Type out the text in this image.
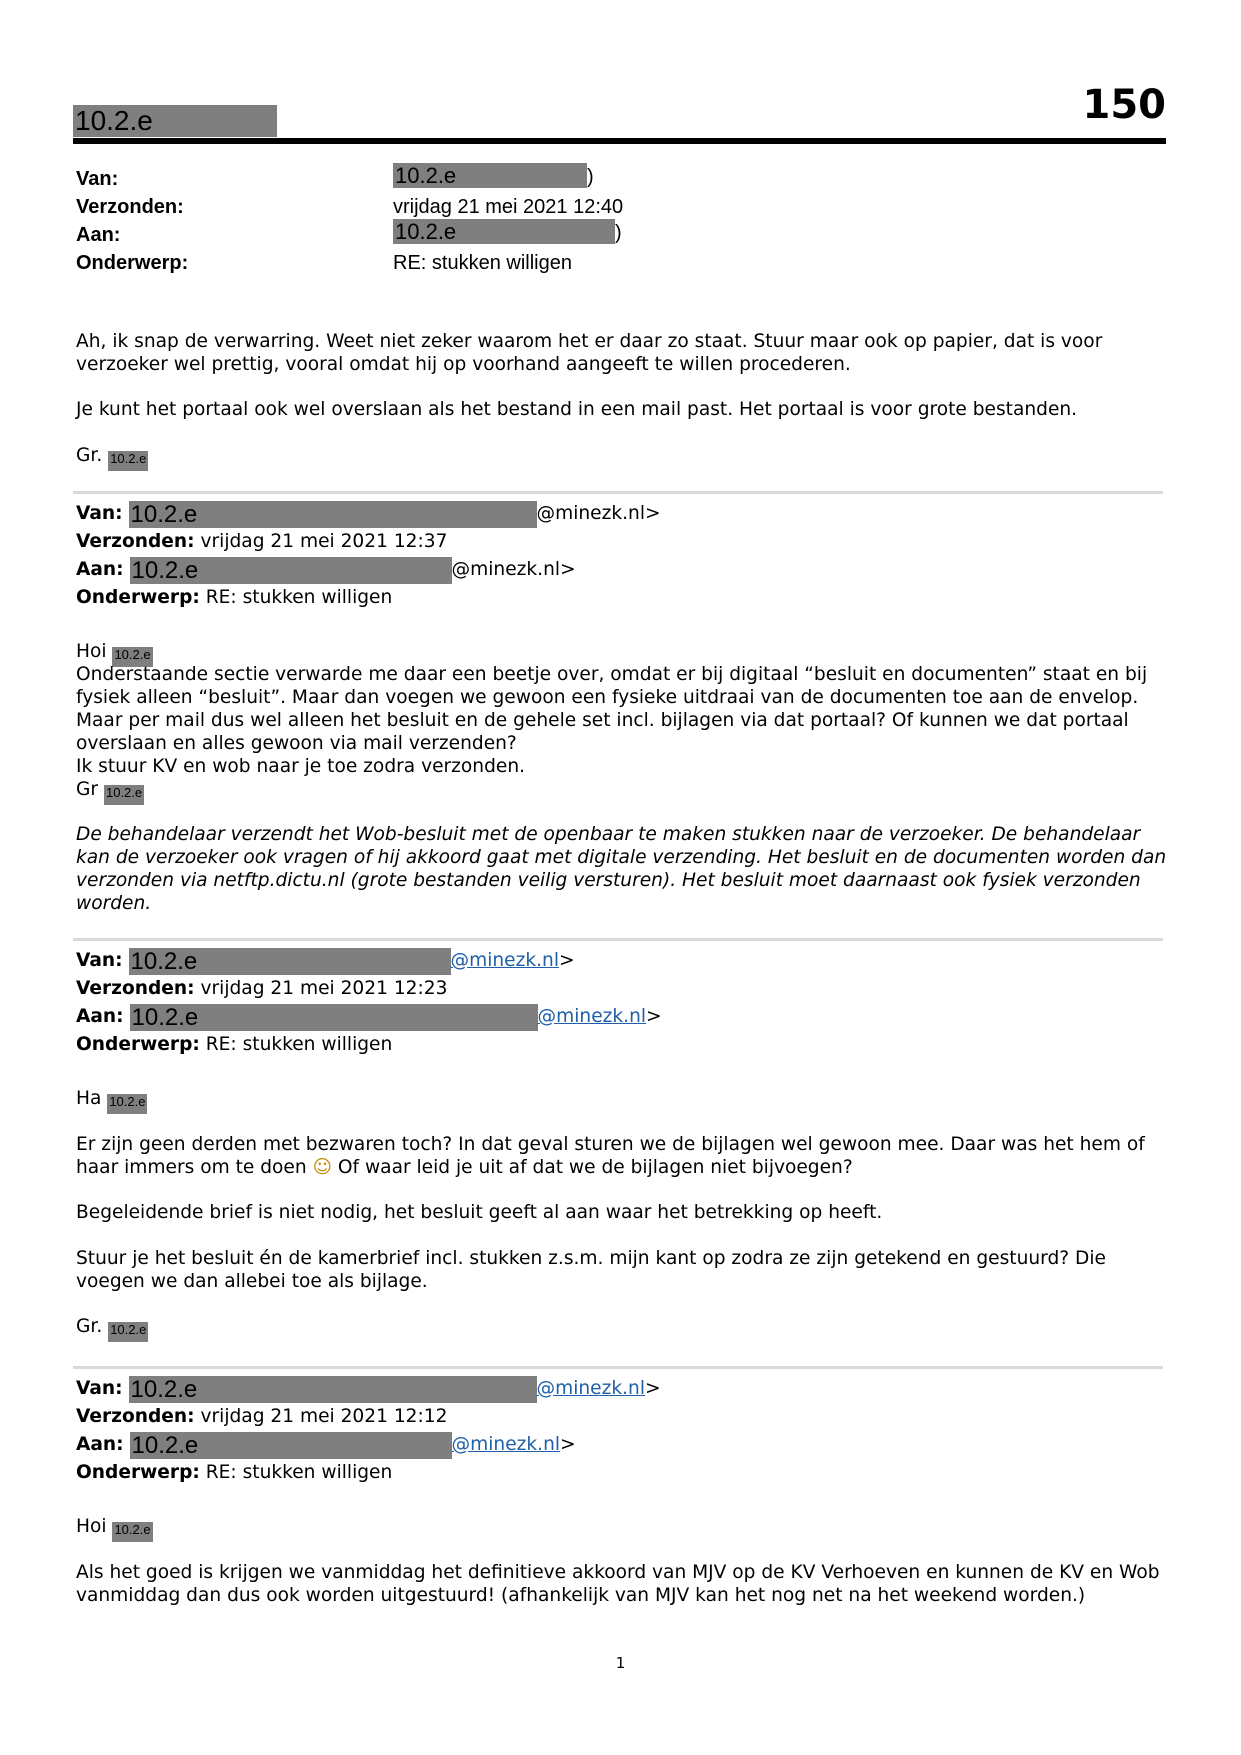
10.2.e	150
Van:	10.2.e	)
Verzonden:	vrijdag 21 mei 2021 12:40
Aan:	10.2.e	)
Onderwerp:	RE: stukken willigen
Ah, ik snap de verwarring. Weet niet zeker waarom het er daar zo staat. Stuur maar ook op papier, dat is voor verzoeker wel prettig, vooral omdat hij op voorhand aangeeft te willen procederen.
Je kunt het portaal ook wel overslaan als het bestand in een mail past. Het portaal is voor grote bestanden.
Gr. 10.2.e
Van: 10.2.e	@minezk.nl>
Verzonden: vrijdag 21 mei 2021 12:37
Aan: 10.2.e	@minezk.nl>
Onderwerp: RE: stukken willigen
Hoi 10.2.e
Onderstaande sectie verwarde me daar een beetje over, omdat er bij digitaal “besluit en documenten” staat en bij fysiek alleen “besluit”. Maar dan voegen we gewoon een fysieke uitdraai van de documenten toe aan de envelop. Maar per mail dus wel alleen het besluit en de gehele set incl. bijlagen via dat portaal? Of kunnen we dat portaal overslaan en alles gewoon via mail verzenden?
Ik stuur KV en wob naar je toe zodra verzonden.
Gr 10.2.e
De behandelaar verzendt het Wob-besluit met de openbaar te maken stukken naar de verzoeker. De behandelaar kan de verzoeker ook vragen of hij akkoord gaat met digitale verzending. Het besluit en de documenten worden dan verzonden via netftp.dictu.nl (grote bestanden veilig versturen). Het besluit moet daarnaast ook fysiek verzonden worden.
Van: 10.2.e	@minezk.nl>
Verzonden: vrijdag 21 mei 2021 12:23
Aan: 10.2.e	@minezk.nl>
Onderwerp: RE: stukken willigen
Ha 10.2.e
Er zijn geen derden met bezwaren toch? In dat geval sturen we de bijlagen wel gewoon mee. Daar was het hem of haar immers om te doen ☺ Of waar leid je uit af dat we de bijlagen niet bijvoegen?
Begeleidende brief is niet nodig, het besluit geeft al aan waar het betrekking op heeft.
Stuur je het besluit én de kamerbrief incl. stukken z.s.m. mijn kant op zodra ze zijn getekend en gestuurd? Die voegen we dan allebei toe als bijlage.
Gr. 10.2.e
Van: 10.2.e	@minezk.nl>
Verzonden: vrijdag 21 mei 2021 12:12
Aan: 10.2.e	@minezk.nl>
Onderwerp: RE: stukken willigen
Hoi 10.2.e
Als het goed is krijgen we vanmiddag het definitieve akkoord van MJV op de KV Verhoeven en kunnen de KV en Wob vanmiddag dan dus ook worden uitgestuurd! (afhankelijk van MJV kan het nog net na het weekend worden.)
1
